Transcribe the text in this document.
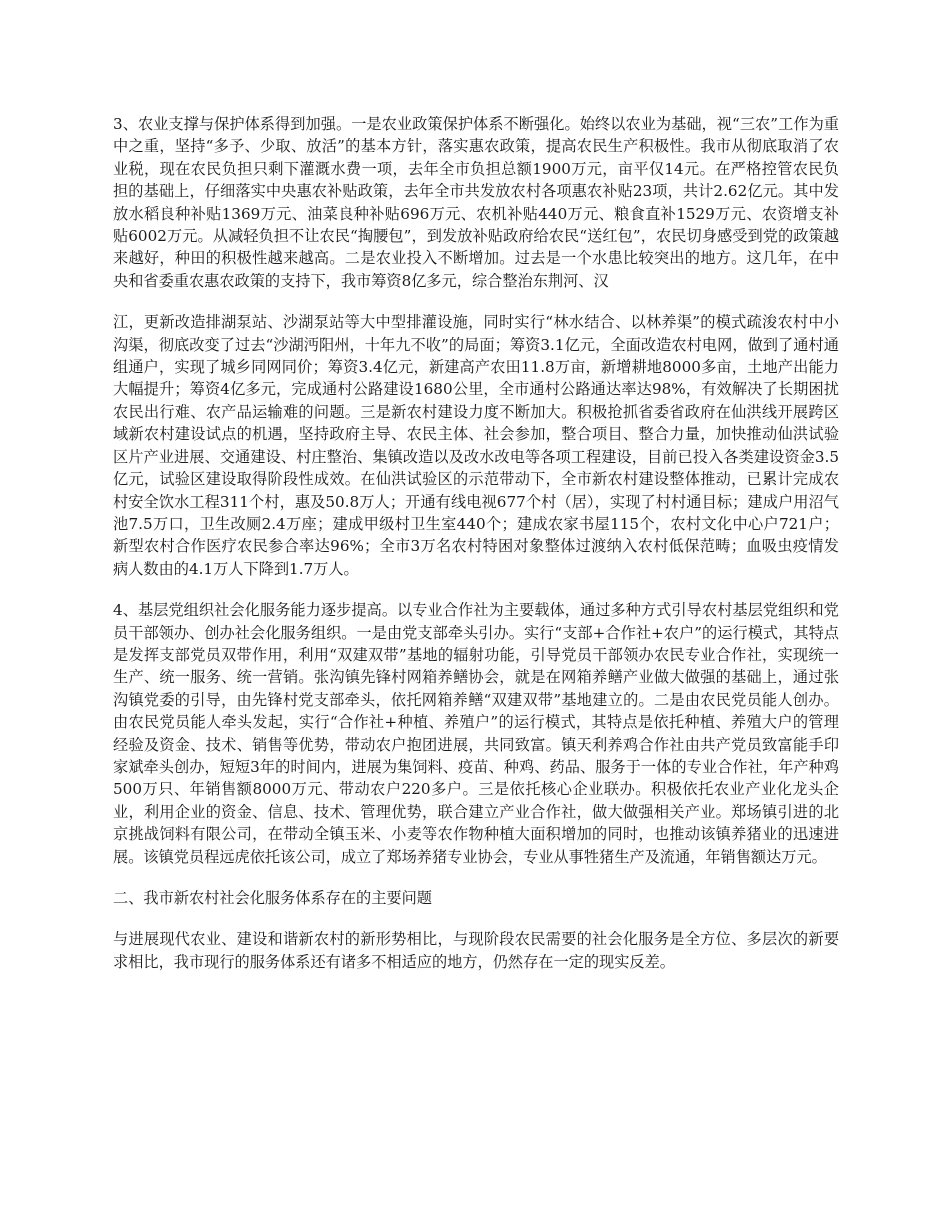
3、农业支撑与保护体系得到加强。一是农业政策保护体系不断强化。始终以农业为基础，视“三农”工作为重中之重，坚持“多予、少取、放活”的基本方针，落实惠农政策，提高农民生产积极性。我市从彻底取消了农业税，现在农民负担只剩下灌溉水费一项，去年全市负担总额1900万元，亩平仅14元。在严格控管农民负担的基础上，仔细落实中央惠农补贴政策，去年全市共发放农村各项惠农补贴23项，共计2.62亿元。其中发放水稻良种补贴1369万元、油菜良种补贴696万元、农机补贴440万元、粮食直补1529万元、农资增支补贴6002万元。从减轻负担不让农民“掏腰包”，到发放补贴政府给农民“送红包”，农民切身感受到党的政策越来越好，种田的积极性越来越高。二是农业投入不断增加。过去是一个水患比较突出的地方。这几年，在中央和省委重农惠农政策的支持下，我市筹资8亿多元，综合整治东荆河、汉

江，更新改造排湖泵站、沙湖泵站等大中型排灌设施，同时实行“林水结合、以林养渠”的模式疏浚农村中小沟渠，彻底改变了过去“沙湖沔阳州，十年九不收”的局面；筹资3.1亿元，全面改造农村电网，做到了通村通组通户，实现了城乡同网同价；筹资3.4亿元，新建高产农田11.8万亩，新增耕地8000多亩，土地产出能力大幅提升；筹资4亿多元，完成通村公路建设1680公里，全市通村公路通达率达98%，有效解决了长期困扰农民出行难、农产品运输难的问题。三是新农村建设力度不断加大。积极抢抓省委省政府在仙洪线开展跨区域新农村建设试点的机遇，坚持政府主导、农民主体、社会参加，整合项目、整合力量，加快推动仙洪试验区片产业进展、交通建设、村庄整治、集镇改造以及改水改电等各项工程建设，目前已投入各类建设资金3.5亿元，试验区建设取得阶段性成效。在仙洪试验区的示范带动下，全市新农村建设整体推动，已累计完成农村安全饮水工程311个村，惠及50.8万人；开通有线电视677个村（居），实现了村村通目标；建成户用沼气池7.5万口，卫生改厕2.4万座；建成甲级村卫生室440个；建成农家书屋115个，农村文化中心户721户；新型农村合作医疗农民参合率达96%；全市3万名农村特困对象整体过渡纳入农村低保范畴；血吸虫疫情发病人数由的4.1万人下降到1.7万人。

4、基层党组织社会化服务能力逐步提高。以专业合作社为主要载体，通过多种方式引导农村基层党组织和党员干部领办、创办社会化服务组织。一是由党支部牵头引办。实行“支部+合作社+农户”的运行模式，其特点是发挥支部党员双带作用，利用“双建双带”基地的辐射功能，引导党员干部领办农民专业合作社，实现统一生产、统一服务、统一营销。张沟镇先锋村网箱养鳝协会，就是在网箱养鳝产业做大做强的基础上，通过张沟镇党委的引导，由先锋村党支部牵头，依托网箱养鳝“双建双带”基地建立的。二是由农民党员能人创办。由农民党员能人牵头发起，实行“合作社+种植、养殖户”的运行模式，其特点是依托种植、养殖大户的管理经验及资金、技术、销售等优势，带动农户抱团进展，共同致富。镇天利养鸡合作社由共产党员致富能手印家斌牵头创办，短短3年的时间内，进展为集饲料、疫苗、种鸡、药品、服务于一体的专业合作社，年产种鸡500万只、年销售额8000万元、带动农户220多户。三是依托核心企业联办。积极依托农业产业化龙头企业，利用企业的资金、信息、技术、管理优势，联合建立产业合作社，做大做强相关产业。郑场镇引进的北京挑战饲料有限公司，在带动全镇玉米、小麦等农作物种植大面积增加的同时，也推动该镇养猪业的迅速进展。该镇党员程远虎依托该公司，成立了郑场养猪专业协会，专业从事牲猪生产及流通，年销售额达万元。

二、我市新农村社会化服务体系存在的主要问题

与进展现代农业、建设和谐新农村的新形势相比，与现阶段农民需要的社会化服务是全方位、多层次的新要求相比，我市现行的服务体系还有诸多不相适应的地方，仍然存在一定的现实反差。
